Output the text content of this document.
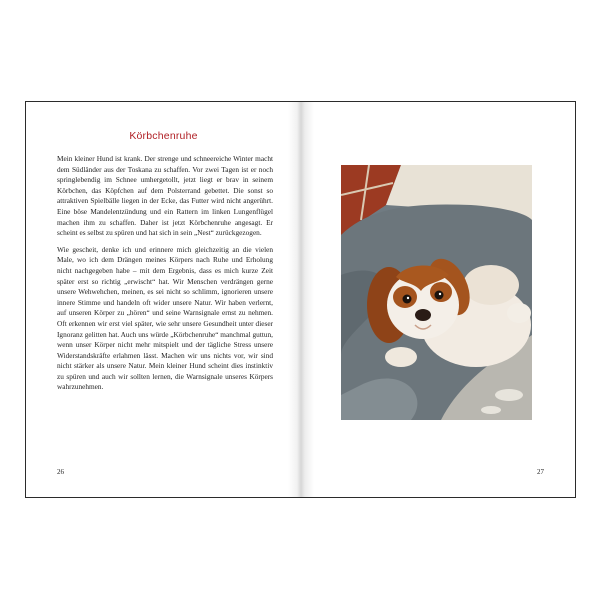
Körbchenruhe

Mein kleiner Hund ist krank. Der strenge und schneereiche Winter macht dem Südländer aus der Toskana zu schaffen. Vor zwei Tagen ist er noch springlebendig im Schnee umhergetollt, jetzt liegt er brav in seinem Körbchen, das Köpfchen auf dem Polsterrand gebettet. Die sonst so attraktiven Spielbälle liegen in der Ecke, das Futter wird nicht angerührt. Eine böse Mandelentzündung und ein Rattern im linken Lungenflügel machen ihm zu schaffen. Daher ist jetzt Körbchenruhe angesagt. Er scheint es selbst zu spüren und hat sich in sein „Nest“ zurückgezogen.

Wie gescheit, denke ich und erinnere mich gleichzeitig an die vielen Male, wo ich dem Drängen meines Körpers nach Ruhe und Erholung nicht nachgegeben habe – mit dem Ergebnis, dass es mich kurze Zeit später erst so richtig „erwischt“ hat. Wir Menschen verdrängen gerne unsere Wehwehchen, meinen, es sei nicht so schlimm, ignorieren unsere innere Stimme und handeln oft wider unsere Natur. Wir haben verlernt, auf unseren Körper zu „hören“ und seine Warnsignale ernst zu nehmen. Oft erkennen wir erst viel später, wie sehr unsere Gesundheit unter dieser Ignoranz gelitten hat. Auch uns würde „Körbchenruhe“ manchmal guttun, wenn unser Körper nicht mehr mitspielt und der tägliche Stress unsere Widerstandskräfte erlahmen lässt. Machen wir uns nichts vor, wir sind nicht stärker als unsere Natur. Mein kleiner Hund scheint dies instinktiv zu spüren und auch wir sollten lernen, die Warnsignale unseres Körpers wahrzunehmen.

26	27
